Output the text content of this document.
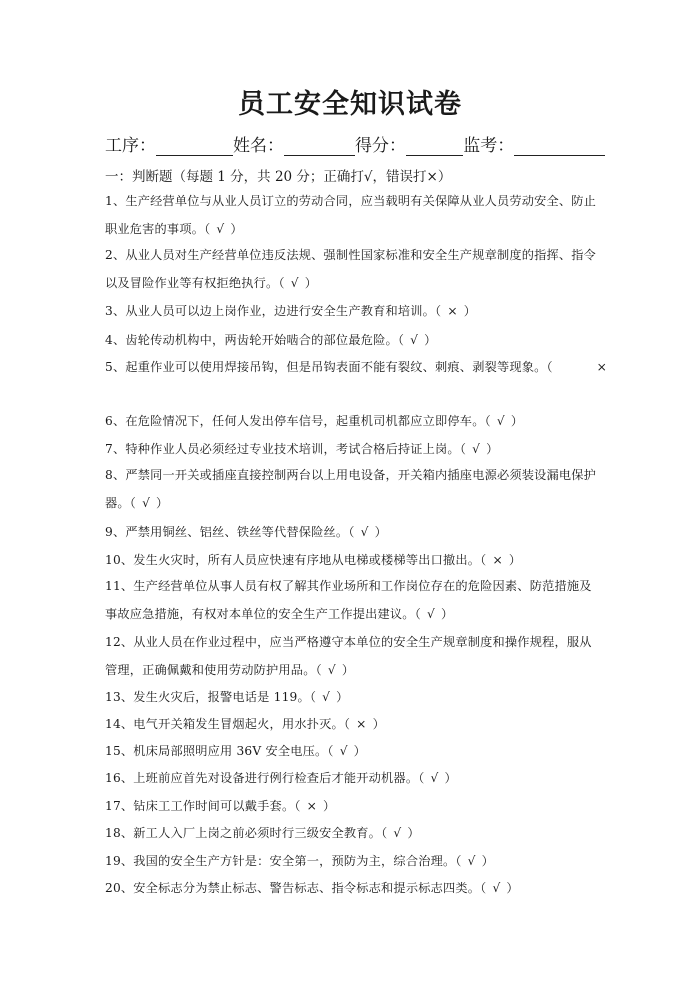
员工安全知识试卷
工序：	姓名：	得分：	监考：
一：判断题（每题 1 分，共 20 分；正确打√，错误打×）
1、生产经营单位与从业人员订立的劳动合同，应当载明有关保障从业人员劳动安全、防止
职业危害的事项。（ √ ）
2、从业人员对生产经营单位违反法规、强制性国家标准和安全生产规章制度的指挥、指令
以及冒险作业等有权拒绝执行。（ √ ）
3、从业人员可以边上岗作业，边进行安全生产教育和培训。（ × ）
4、齿轮传动机构中，两齿轮开始啮合的部位最危险。（ √ ）
5、起重作业可以使用焊接吊钩，但是吊钩表面不能有裂纹、刺痕、剥裂等现象。（	×
6、在危险情况下，任何人发出停车信号，起重机司机都应立即停车。（ √ ）
7、特种作业人员必须经过专业技术培训，考试合格后持证上岗。（ √ ）
8、严禁同一开关或插座直接控制两台以上用电设备，开关箱内插座电源必须装设漏电保护
器。（ √ ）
9、严禁用铜丝、铝丝、铁丝等代替保险丝。（ √ ）
10、发生火灾时，所有人员应快速有序地从电梯或楼梯等出口撤出。（ × ）
11、生产经营单位从事人员有权了解其作业场所和工作岗位存在的危险因素、防范措施及
事故应急措施，有权对本单位的安全生产工作提出建议。（ √ ）
12、从业人员在作业过程中，应当严格遵守本单位的安全生产规章制度和操作规程，服从
管理，正确佩戴和使用劳动防护用品。（ √ ）
13、发生火灾后，报警电话是 119。（ √ ）
14、电气开关箱发生冒烟起火，用水扑灭。（ × ）
15、机床局部照明应用 36V 安全电压。（ √ ）
16、上班前应首先对设备进行例行检查后才能开动机器。（ √ ）
17、钻床工工作时间可以戴手套。（ × ）
18、新工人入厂上岗之前必须时行三级安全教育。（ √ ）
19、我国的安全生产方针是：安全第一，预防为主，综合治理。（ √ ）
20、安全标志分为禁止标志、警告标志、指令标志和提示标志四类。（ √ ）
